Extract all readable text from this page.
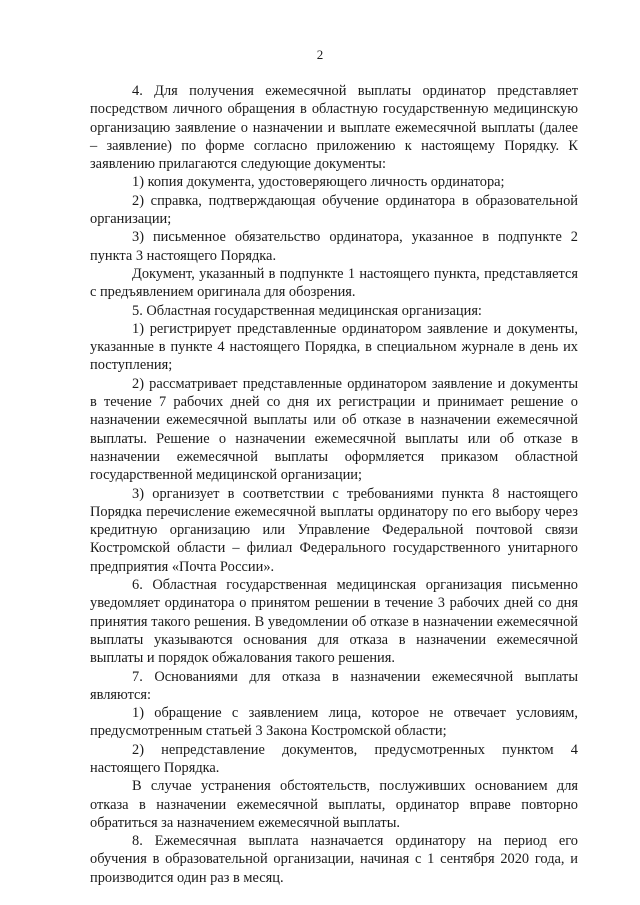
2

4. Для получения ежемесячной выплаты ординатор представляет посредством личного обращения в областную государственную медицинскую организацию заявление о назначении и выплате ежемесячной выплаты (далее – заявление) по форме согласно приложению к настоящему Порядку. К заявлению прилагаются следующие документы:

1) копия документа, удостоверяющего личность ординатора;

2) справка, подтверждающая обучение ординатора в образовательной организации;

3) письменное обязательство ординатора, указанное в подпункте 2 пункта 3 настоящего Порядка.

Документ, указанный в подпункте 1 настоящего пункта, представляется с предъявлением оригинала для обозрения.

5. Областная государственная медицинская организация:

1) регистрирует представленные ординатором заявление и документы, указанные в пункте 4 настоящего Порядка, в специальном журнале в день их поступления;

2) рассматривает представленные ординатором заявление и документы в течение 7 рабочих дней со дня их регистрации и принимает решение о назначении ежемесячной выплаты или об отказе в назначении ежемесячной выплаты. Решение о назначении ежемесячной выплаты или об отказе в назначении ежемесячной выплаты оформляется приказом областной государственной медицинской организации;

3) организует в соответствии с требованиями пункта 8 настоящего Порядка перечисление ежемесячной выплаты ординатору по его выбору через кредитную организацию или Управление Федеральной почтовой связи Костромской области – филиал Федерального государственного унитарного предприятия «Почта России».

6. Областная государственная медицинская организация письменно уведомляет ординатора о принятом решении в течение 3 рабочих дней со дня принятия такого решения. В уведомлении об отказе в назначении ежемесячной выплаты указываются основания для отказа в назначении ежемесячной выплаты и порядок обжалования такого решения.

7. Основаниями для отказа в назначении ежемесячной выплаты являются:

1) обращение с заявлением лица, которое не отвечает условиям, предусмотренным статьей 3 Закона Костромской области;

2) непредставление документов, предусмотренных пунктом 4 настоящего Порядка.

В случае устранения обстоятельств, послуживших основанием для отказа в назначении ежемесячной выплаты, ординатор вправе повторно обратиться за назначением ежемесячной выплаты.

8. Ежемесячная выплата назначается ординатору на период его обучения в образовательной организации, начиная с 1 сентября 2020 года, и производится один раз в месяц.
